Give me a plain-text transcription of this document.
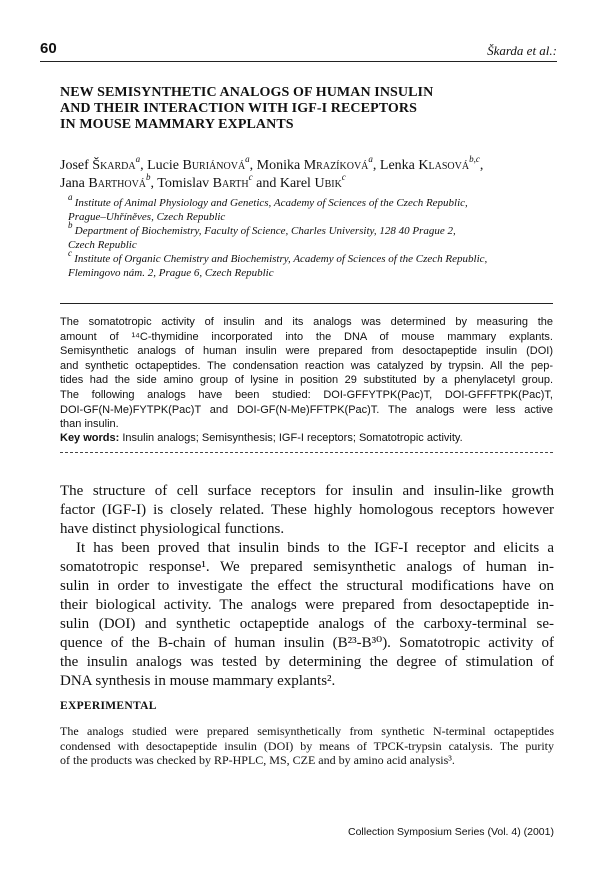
60	Škarda et al.:
NEW SEMISYNTHETIC ANALOGS OF HUMAN INSULIN
AND THEIR INTERACTION WITH IGF-I RECEPTORS
IN MOUSE MAMMARY EXPLANTS
Josef Škarda$^a$, Lucie Buriánová$^a$, Monika Mrazíková$^a$, Lenka Klasová$^{b,c}$,
Jana Barthová$^b$, Tomislav Barth$^c$ and Karel Ubik$^c$
$^a$ Institute of Animal Physiology and Genetics, Academy of Sciences of the Czech Republic,
Prague–Uhříněves, Czech Republic
$^b$ Department of Biochemistry, Faculty of Science, Charles University, 128 40 Prague 2,
Czech Republic
$^c$ Institute of Organic Chemistry and Biochemistry, Academy of Sciences of the Czech Republic,
Flemingovo nám. 2, Prague 6, Czech Republic
The somatotropic activity of insulin and its analogs was determined by measuring the
amount of ¹⁴C-thymidine incorporated into the DNA of mouse mammary explants.
Semisynthetic analogs of human insulin were prepared from desoctapeptide insulin (DOI)
and synthetic octapeptides. The condensation reaction was catalyzed by trypsin. All the pep-
tides had the side amino group of lysine in position 29 substituted by a phenylacetyl group.
The following analogs have been studied: DOI-GFFYTPK(Pac)T, DOI-GFFFTPK(Pac)T,
DOI-GF(N-Me)FYTPK(Pac)T and DOI-GF(N-Me)FFTPK(Pac)T. The analogs were less active
than insulin.
Key words: Insulin analogs; Semisynthesis; IGF-I receptors; Somatotropic activity.
The structure of cell surface receptors for insulin and insulin-like growth
factor (IGF-I) is closely related. These highly homologous receptors however
have distinct physiological functions.
It has been proved that insulin binds to the IGF-I receptor and elicits a
somatotropic response¹. We prepared semisynthetic analogs of human in-
sulin in order to investigate the effect the structural modifications have on
their biological activity. The analogs were prepared from desoctapeptide in-
sulin (DOI) and synthetic octapeptide analogs of the carboxy-terminal se-
quence of the B-chain of human insulin (B²³-B³⁰). Somatotropic activity of
the insulin analogs was tested by determining the degree of stimulation of
DNA synthesis in mouse mammary explants².
EXPERIMENTAL
The analogs studied were prepared semisynthetically from synthetic N-terminal octapeptides
condensed with desoctapeptide insulin (DOI) by means of TPCK-trypsin catalysis. The purity
of the products was checked by RP-HPLC, MS, CZE and by amino acid analysis³.
Collection Symposium Series (Vol. 4) (2001)
